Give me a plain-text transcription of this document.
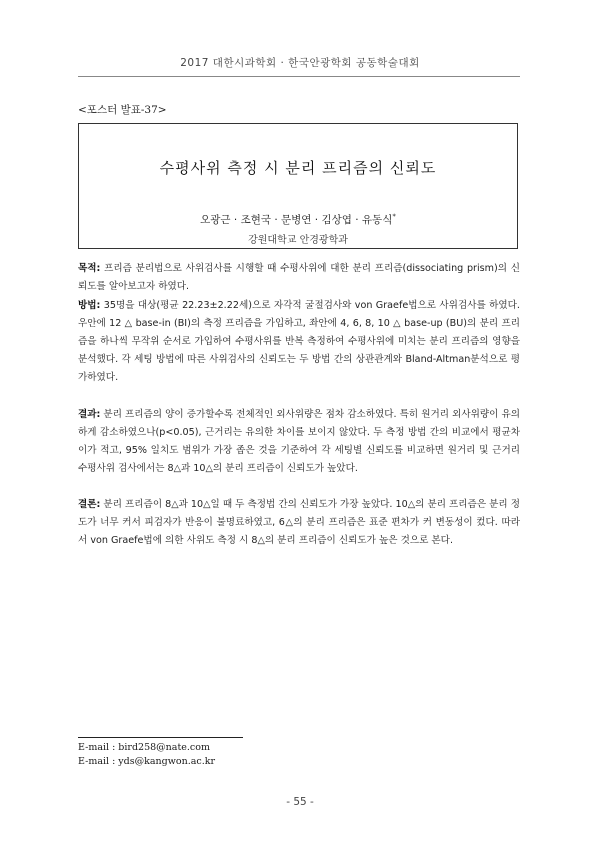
2017 대한시과학회 · 한국안광학회 공동학술대회
<포스터 발표-37>
수평사위 측정 시 분리 프리즘의 신뢰도
오광근 · 조현국 · 문병연 · 김상엽 · 유동식*
강원대학교 안경광학과

목적: 프리즘 분리법으로 사위검사를 시행할 때 수평사위에 대한 분리 프리즘(dissociating prism)의 신뢰도를 알아보고자 하였다.

방법: 35명을 대상(평균 22.23±2.22세)으로 자각적 굴절검사와 von Graefe법으로 사위검사를 하였다. 우안에 12 △ base-in (BI)의 측정 프리즘을 가입하고, 좌안에 4, 6, 8, 10 △ base-up (BU)의 분리 프리즘을 하나씩 무작위 순서로 가입하여 수평사위를 반복 측정하여 수평사위에 미치는 분리 프리즘의 영향을 분석했다. 각 세팅 방법에 따른 사위검사의 신뢰도는 두 방법 간의 상관관계와 Bland-Altman분석으로 평가하였다.

결과: 분리 프리즘의 양이 증가할수록 전체적인 외사위량은 점차 감소하였다. 특히 원거리 외사위량이 유의하게 감소하였으나(p<0.05), 근거리는 유의한 차이를 보이지 않았다. 두 측정 방법 간의 비교에서 평균차이가 적고, 95% 일치도 범위가 가장 좁은 것을 기준하여 각 세팅별 신뢰도를 비교하면 원거리 및 근거리 수평사위 검사에서는 8△과 10△의 분리 프리즘이 신뢰도가 높았다.

결론: 분리 프리즘이 8△과 10△일 때 두 측정법 간의 신뢰도가 가장 높았다. 10△의 분리 프리즘은 분리 정도가 너무 커서 피검자가 반응이 불명료하였고, 6△의 분리 프리즘은 표준 편차가 커 변동성이 컸다. 따라서 von Graefe법에 의한 사위도 측정 시 8△의 분리 프리즘이 신뢰도가 높은 것으로 본다.

E-mail : bird258@nate.com
E-mail : yds@kangwon.ac.kr
- 55 -
